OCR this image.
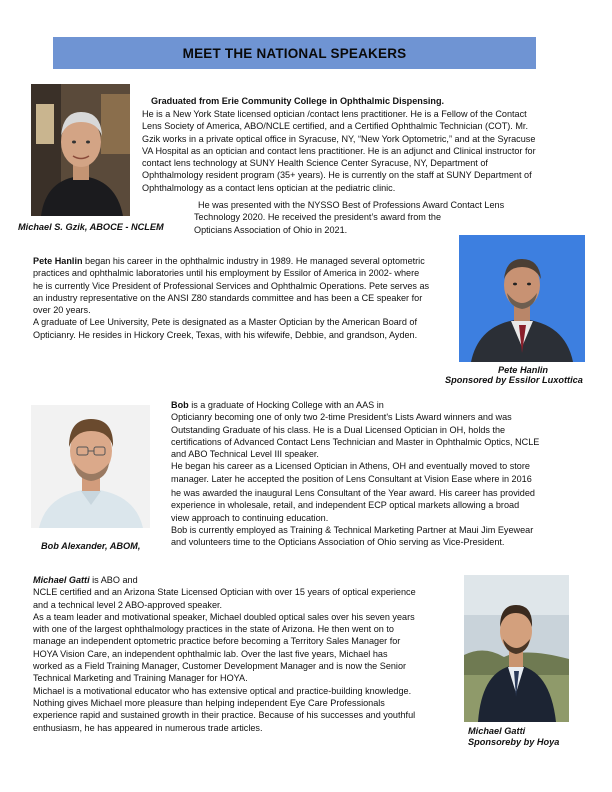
MEET THE NATIONAL SPEAKERS
Graduated from Erie Community College in Ophthalmic Dispensing.

He is a New York State licensed optician /contact lens practitioner. He is a Fellow of the Contact

Lens Society of America, ABO/NCLE certified, and a Certified Ophthalmic Technician (COT). Mr.

Gzik works in a private optical office in Syracuse, NY, “New York Optometric,” and at the Syracuse

VA Hospital as an optician and contact lens practitioner. He is an adjunct and Clinical instructor for

contact lens technology at SUNY Health Science Center Syracuse, NY, Department of

Ophthalmology resident program (35+ years). He is currently on the staff at SUNY Department of

Ophthalmology as a contact lens optician at the pediatric clinic.

He was presented with the NYSSO Best of Professions Award Contact Lens

Technology 2020. He received the president’s award from the

Opticians Association of Ohio in 2021.

Michael S. Gzik, ABOCE - NCLEM

Pete Hanlin began his career in the ophthalmic industry in 1989. He managed several optometric

practices and ophthalmic laboratories until his employment by Essilor of America in 2002- where

he is currently Vice President of Professional Services and Ophthalmic Operations. Pete serves as

an industry representative on the ANSI Z80 standards committee and has been a CE speaker for

over 20 years.

A graduate of Lee University, Pete is designated as a Master Optician by the American Board of

Opticianry. He resides in Hickory Creek, Texas, with his wifewife, Debbie, and grandson, Ayden.

Pete Hanlin
Sponsored by Essilor Luxottica
Bob Alexander, ABOM,

Bob is a graduate of Hocking College with an AAS in

Opticianry becoming one of only two 2-time President's Lists Award winners and was

Outstanding Graduate of his class. He is a Dual Licensed Optician in OH, holds the

certifications of Advanced Contact Lens Technician and Master in Ophthalmic Optics, NCLE

and ABO Technical Level III speaker.

He began his career as a Licensed Optician in Athens, OH and eventually moved to store

manager. Later he accepted the position of Lens Consultant at Vision Ease where in 2016

he was awarded the inaugural Lens Consultant of the Year award. His career has provided

experience in wholesale, retail, and independent ECP optical markets allowing a broad

view approach to continuing education.

Bob is currently employed as Training & Technical Marketing Partner at Maui Jim Eyewear

and volunteers time to the Opticians Association of Ohio serving as Vice-President.

Michael Gatti is ABO and

NCLE certified and an Arizona State Licensed Optician with over 15 years of optical experience

and a technical level 2 ABO-approved speaker.

As a team leader and motivational speaker, Michael doubled optical sales over his seven years

with one of the largest ophthalmology practices in the state of Arizona. He then went on to

manage an independent optometric practice before becoming a Territory Sales Manager for

HOYA Vision Care, an independent ophthalmic lab. Over the last five years, Michael has

worked as a Field Training Manager, Customer Development Manager and is now the Senior

Technical Marketing and Training Manager for HOYA.

Michael is a motivational educator who has extensive optical and practice-building knowledge.

Nothing gives Michael more pleasure than helping independent Eye Care Professionals

experience rapid and sustained growth in their practice. Because of his successes and youthful

enthusiasm, he has appeared in numerous trade articles.	Michael Gatti
Sponsoreby by Hoya
